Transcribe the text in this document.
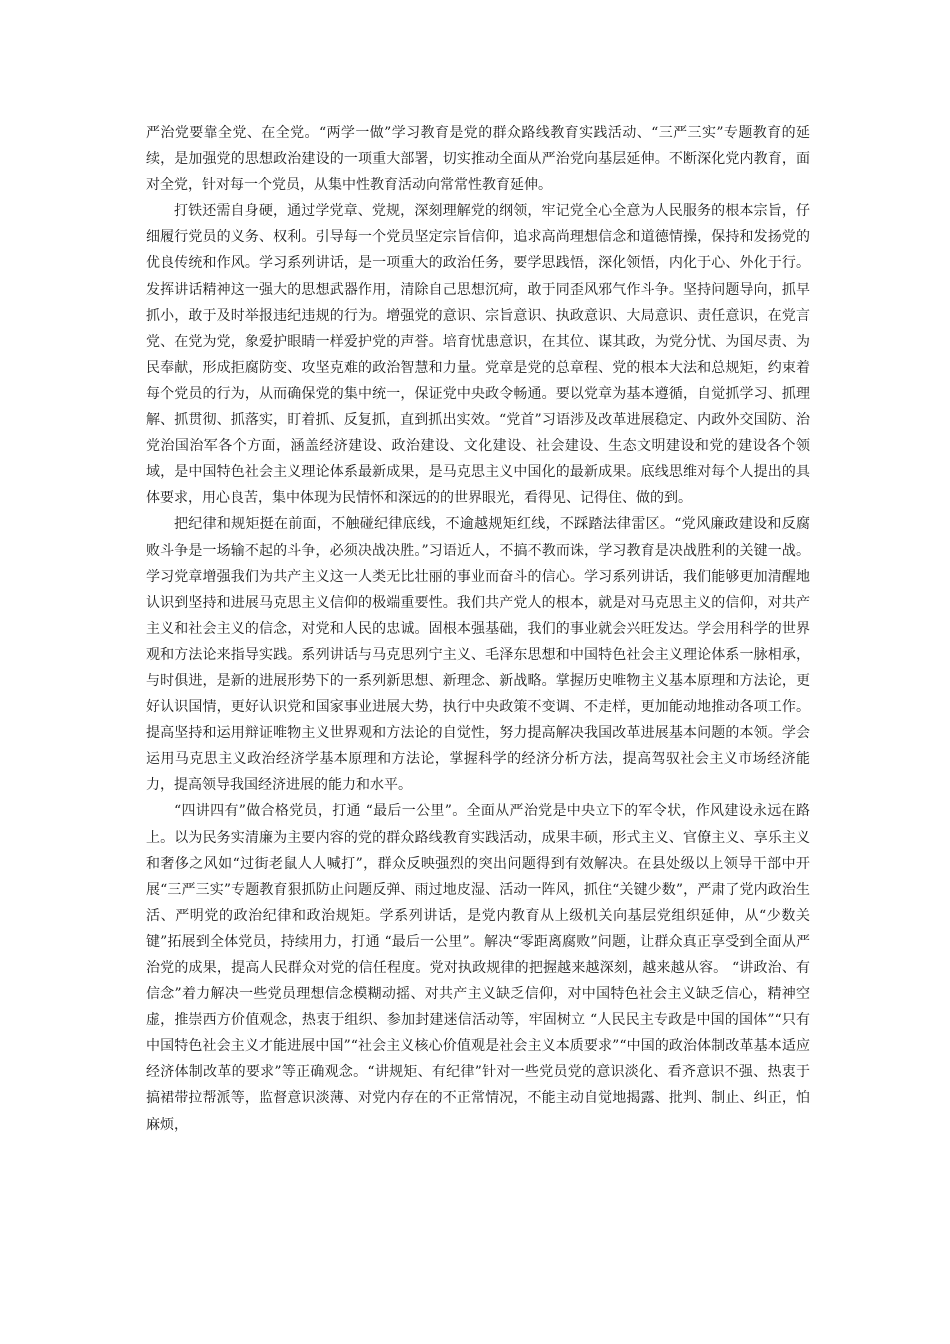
严治党要靠全党、在全党。“两学一做”学习教育是党的群众路线教育实践活动、“三严三实”专题教育的延续，是加强党的思想政治建设的一项重大部署，切实推动全面从严治党向基层延伸。不断深化党内教育，面对全党，针对每一个党员，从集中性教育活动向常常性教育延伸。

打铁还需自身硬，通过学党章、党规，深刻理解党的纲领，牢记党全心全意为人民服务的根本宗旨，仔细履行党员的义务、权利。引导每一个党员坚定宗旨信仰，追求高尚理想信念和道德情操，保持和发扬党的优良传统和作风。学习系列讲话，是一项重大的政治任务，要学思践悟，深化领悟，内化于心、外化于行。发挥讲话精神这一强大的思想武器作用，清除自己思想沉疴，敢于同歪风邪气作斗争。坚持问题导向，抓早抓小，敢于及时举报违纪违规的行为。增强党的意识、宗旨意识、执政意识、大局意识、责任意识，在党言党、在党为党，象爱护眼睛一样爱护党的声誉。培育忧患意识，在其位、谋其政，为党分忧、为国尽责、为民奉献，形成拒腐防变、攻坚克难的政治智慧和力量。党章是党的总章程、党的根本大法和总规矩，约束着每个党员的行为，从而确保党的集中统一，保证党中央政令畅通。要以党章为基本遵循，自觉抓学习、抓理解、抓贯彻、抓落实，盯着抓、反复抓，直到抓出实效。“党首”习语涉及改革进展稳定、内政外交国防、治党治国治军各个方面，涵盖经济建设、政治建设、文化建设、社会建设、生态文明建设和党的建设各个领域，是中国特色社会主义理论体系最新成果，是马克思主义中国化的最新成果。底线思维对每个人提出的具体要求，用心良苦，集中体现为民情怀和深远的的世界眼光，看得见、记得住、做的到。

把纪律和规矩挺在前面，不触碰纪律底线，不逾越规矩红线，不踩踏法律雷区。“党风廉政建设和反腐败斗争是一场输不起的斗争，必须决战决胜。”习语近人，不搞不教而诛，学习教育是决战胜利的关键一战。学习党章增强我们为共产主义这一人类无比壮丽的事业而奋斗的信心。学习系列讲话，我们能够更加清醒地认识到坚持和进展马克思主义信仰的极端重要性。我们共产党人的根本，就是对马克思主义的信仰，对共产主义和社会主义的信念，对党和人民的忠诚。固根本强基础，我们的事业就会兴旺发达。学会用科学的世界观和方法论来指导实践。系列讲话与马克思列宁主义、毛泽东思想和中国特色社会主义理论体系一脉相承，与时俱进，是新的进展形势下的一系列新思想、新理念、新战略。掌握历史唯物主义基本原理和方法论，更好认识国情，更好认识党和国家事业进展大势，执行中央政策不变调、不走样，更加能动地推动各项工作。提高坚持和运用辩证唯物主义世界观和方法论的自觉性，努力提高解决我国改革进展基本问题的本领。学会运用马克思主义政治经济学基本原理和方法论，掌握科学的经济分析方法，提高驾驭社会主义市场经济能力，提高领导我国经济进展的能力和水平。

“四讲四有”做合格党员，打通 “最后一公里”。全面从严治党是中央立下的军令状，作风建设永远在路上。以为民务实清廉为主要内容的党的群众路线教育实践活动，成果丰硕，形式主义、官僚主义、享乐主义和奢侈之风如“过街老鼠人人喊打”，群众反映强烈的突出问题得到有效解决。在县处级以上领导干部中开展“三严三实”专题教育狠抓防止问题反弹、雨过地皮湿、活动一阵风，抓住“关键少数”，严肃了党内政治生活、严明党的政治纪律和政治规矩。学系列讲话，是党内教育从上级机关向基层党组织延伸，从“少数关键”拓展到全体党员，持续用力，打通 “最后一公里”。解决“零距离腐败”问题，让群众真正享受到全面从严治党的成果，提高人民群众对党的信任程度。党对执政规律的把握越来越深刻，越来越从容。 “讲政治、有信念”着力解决一些党员理想信念模糊动摇、对共产主义缺乏信仰，对中国特色社会主义缺乏信心，精神空虚，推崇西方价值观念，热衷于组织、参加封建迷信活动等，牢固树立 “人民民主专政是中国的国体”“只有中国特色社会主义才能进展中国”“社会主义核心价值观是社会主义本质要求”“中国的政治体制改革基本适应经济体制改革的要求”等正确观念。“讲规矩、有纪律”针对一些党员党的意识淡化、看齐意识不强、热衷于搞裙带拉帮派等，监督意识淡薄、对党内存在的不正常情况，不能主动自觉地揭露、批判、制止、纠正，怕麻烦，
